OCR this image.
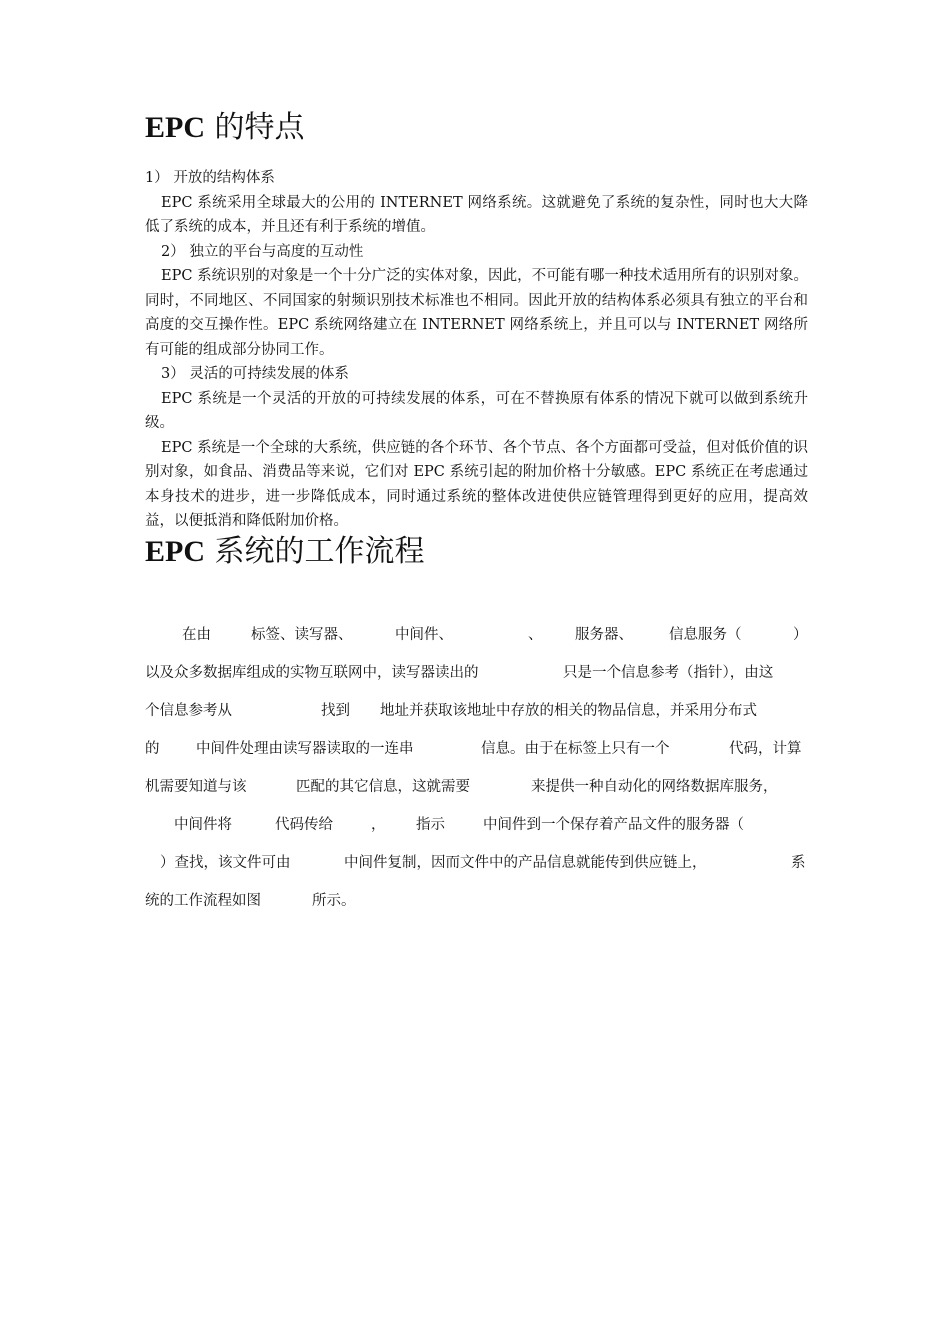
EPC 的特点

1） 开放的结构体系

EPC 系统采用全球最大的公用的 INTERNET 网络系统。这就避免了系统的复杂性，同时也大大降低了系统的成本，并且还有利于系统的增值。

2） 独立的平台与高度的互动性

EPC 系统识别的对象是一个十分广泛的实体对象，因此，不可能有哪一种技术适用所有的识别对象。同时，不同地区、不同国家的射频识别技术标准也不相同。因此开放的结构体系必须具有独立的平台和高度的交互操作性。EPC 系统网络建立在 INTERNET 网络系统上，并且可以与 INTERNET 网络所有可能的组成部分协同工作。

3） 灵活的可持续发展的体系

EPC 系统是一个灵活的开放的可持续发展的体系，可在不替换原有体系的情况下就可以做到系统升级。

EPC 系统是一个全球的大系统，供应链的各个环节、各个节点、各个方面都可受益，但对低价值的识别对象，如食品、消费品等来说，它们对 EPC 系统引起的附加价格十分敏感。EPC 系统正在考虑通过本身技术的进步，进一步降低成本，同时通过系统的整体改进使供应链管理得到更好的应用，提高效益，以便抵消和降低附加价格。

EPC 系统的工作流程
在由	标签、读写器、	中间件、	、 服务器、 信息服务（	）
以及众多数据库组成的实物互联网中，读写器读出的	只是一个信息参考（指针），由这
个信息参考从	找到 地址并获取该地址中存放的相关的物品信息，并采用分布式
的	中间件处理由读写器读取的一连串	信息。由于在标签上只有一个	代码，计算
机需要知道与该	匹配的其它信息，这就需要	来提供一种自动化的网络数据库服务，
中间件将	代码传给	， 指示	中间件到一个保存着产品文件的服务器（
）查找，该文件可由	中间件复制，因而文件中的产品信息就能传到供应链上，	系
统的工作流程如图	所示。
